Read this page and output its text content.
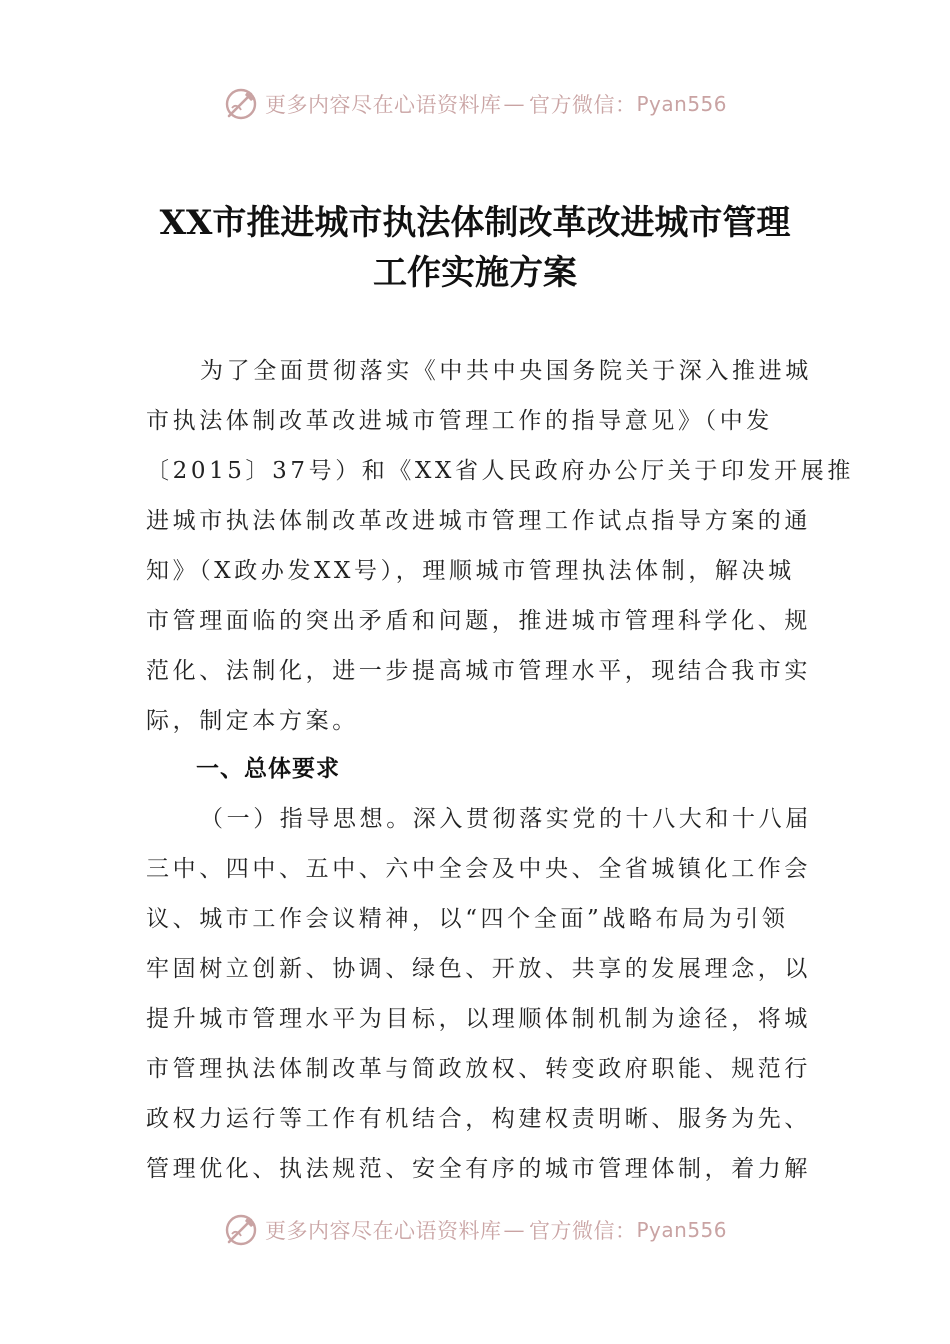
更多内容尽在心语资料库 — 官方微信： Pyan556
XX市推进城市执法体制改革改进城市管理
工作实施方案
为了全面贯彻落实《中共中央国务院关于深入推进城
市执法体制改革改进城市管理工作的指导意见》（中发
〔2015〕37号）和《XX省人民政府办公厅关于印发开展推
进城市执法体制改革改进城市管理工作试点指导方案的通
知》（X政办发XX号），理顺城市管理执法体制，解决城
市管理面临的突出矛盾和问题，推进城市管理科学化、规
范化、法制化，进一步提高城市管理水平，现结合我市实
际，制定本方案。
一、总体要求
（一）指导思想。深入贯彻落实党的十八大和十八届
三中、四中、五中、六中全会及中央、全省城镇化工作会
议、城市工作会议精神，以“四个全面”战略布局为引领
牢固树立创新、协调、绿色、开放、共享的发展理念，以
提升城市管理水平为目标，以理顺体制机制为途径，将城
市管理执法体制改革与简政放权、转变政府职能、规范行
政权力运行等工作有机结合，构建权责明晰、服务为先、
管理优化、执法规范、安全有序的城市管理体制，着力解
更多内容尽在心语资料库 — 官方微信： Pyan556
